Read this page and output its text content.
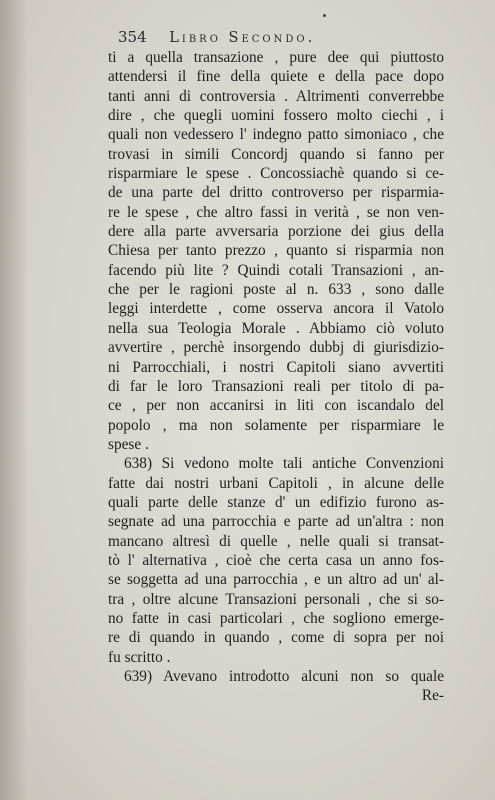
354 Libro Secondo.
ti a quella transazione , pure dee qui piuttosto
attendersi il fine della quiete e della pace dopo
tanti anni di controversia . Altrimenti converrebbe
dire , che quegli uomini fossero molto ciechi , i
quali non vedessero l' indegno patto simoniaco , che
trovasi in simili Concordj quando si fanno per
risparmiare le spese . Concossiachè quando si ce-
de una parte del dritto controverso per risparmia-
re le spese , che altro fassi in verità , se non ven-
dere alla parte avversaria porzione dei gius della
Chiesa per tanto prezzo , quanto si risparmia non
facendo più lite ? Quindi cotali Transazioni , an-
che per le ragioni poste al n. 633 , sono dalle
leggi interdette , come osserva ancora il Vatolo
nella sua Teologia Morale . Abbiamo ciò voluto
avvertire , perchè insorgendo dubbj di giurisdizio-
ni Parrocchiali, i nostri Capitoli siano avvertiti
di far le loro Transazioni reali per titolo di pa-
ce , per non accanirsi in liti con iscandalo del
popolo , ma non solamente per risparmiare le
spese .
638) Si vedono molte tali antiche Convenzioni
fatte dai nostri urbani Capitoli , in alcune delle
quali parte delle stanze d' un edifizio furono as-
segnate ad una parrocchia e parte ad un'altra : non
mancano altresì di quelle , nelle quali si transat-
tò l' alternativa , cioè che certa casa un anno fos-
se soggetta ad una parrocchia , e un altro ad un' al-
tra , oltre alcune Transazioni personali , che si so-
no fatte in casi particolari , che sogliono emerge-
re di quando in quando , come di sopra per noi
fu scritto .
639) Avevano introdotto alcuni non so quale
Re-
